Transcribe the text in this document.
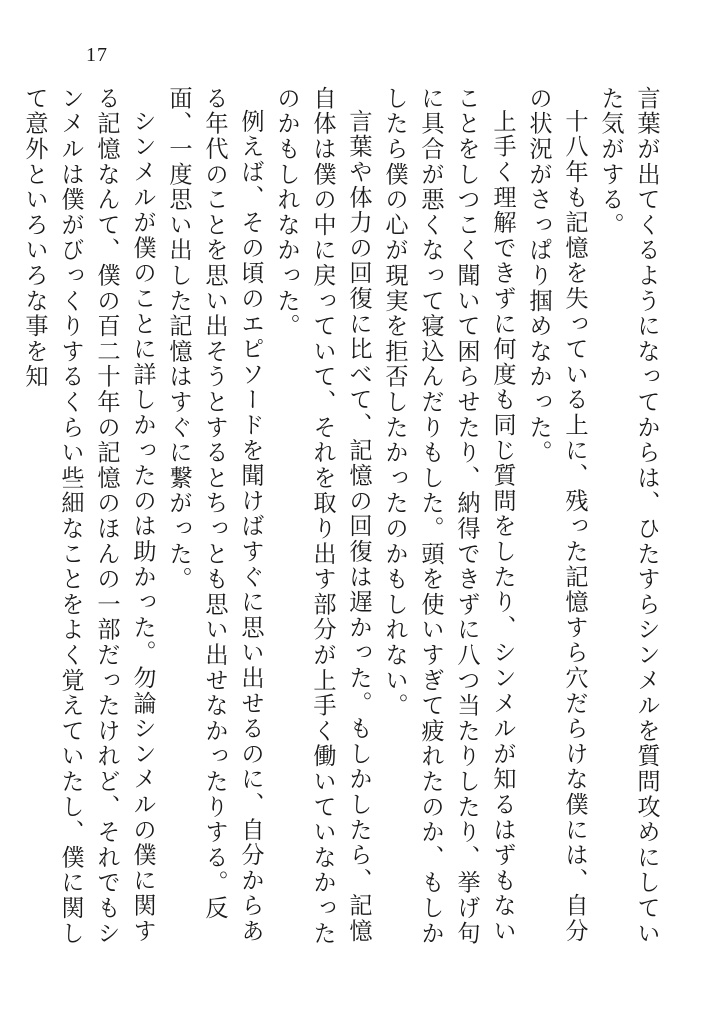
17

言葉が出てくるようになってからは、ひたすらシンメルを質問攻めにしていた気がする。

十八年も記憶を失っている上に、残った記憶すら穴だらけな僕には、自分の状況がさっぱり掴めなかった。

上手く理解できずに何度も同じ質問をしたり、シンメルが知るはずもないことをしつこく聞いて困らせたり、納得できずに八つ当たりしたり、挙げ句に具合が悪くなって寝込んだりもした。頭を使いすぎて疲れたのか、もしかしたら僕の心が現実を拒否したかったのかもしれない。

言葉や体力の回復に比べて、記憶の回復は遅かった。もしかしたら、記憶自体は僕の中に戻っていて、それを取り出す部分が上手く働いていなかったのかもしれなかった。

例えば、その頃のエピソードを聞けばすぐに思い出せるのに、自分からある年代のことを思い出そうとするとちっとも思い出せなかったりする。反面、一度思い出した記憶はすぐに繋がった。

シンメルが僕のことに詳しかったのは助かった。勿論シンメルの僕に関する記憶なんて、僕の百二十年の記憶のほんの一部だったけれど、それでもシンメルは僕がびっくりするくらい些細なことをよく覚えていたし、僕に関して意外といろいろな事を知
